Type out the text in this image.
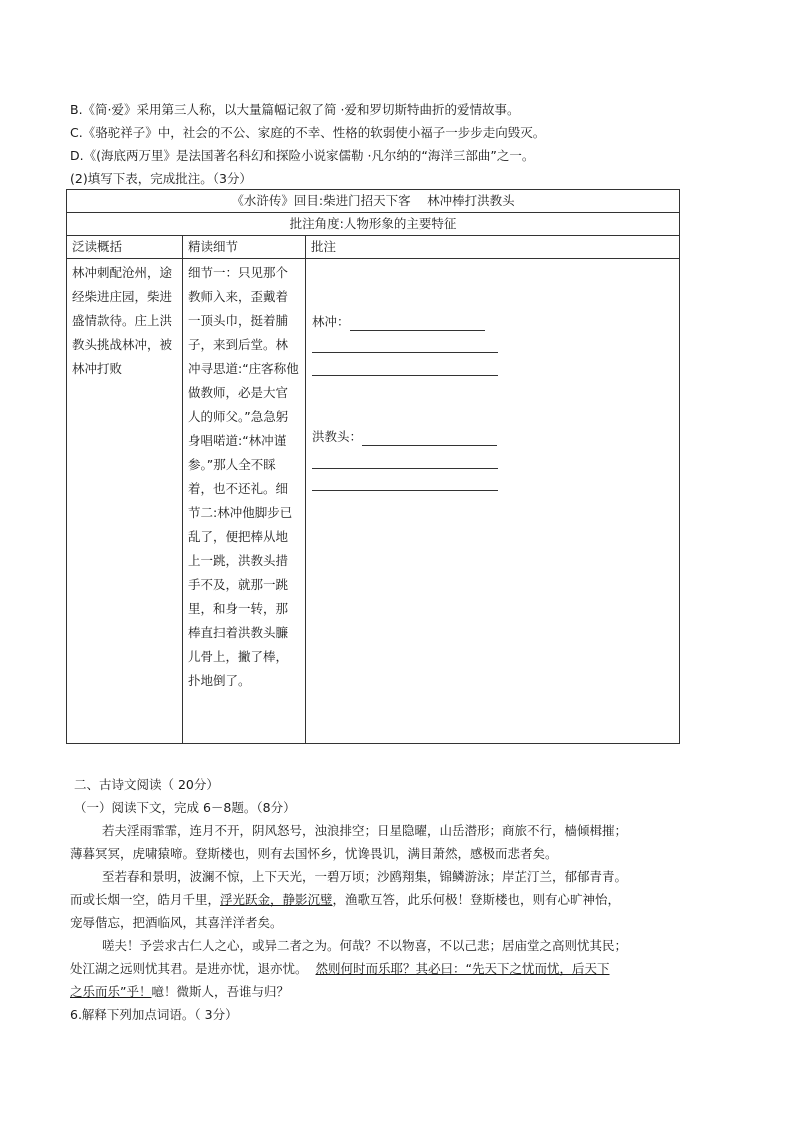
B.《简·爱》采用第三人称，以大量篇幅记叙了简 ·爱和罗切斯特曲折的爱情故事。
C.《骆驼祥子》中，社会的不公、家庭的不幸、性格的软弱使小福子一步步走向毁灭。
D.《(海底两万里》是法国著名科幻和探险小说家儒勒 ·凡尔纳的“海洋三部曲”之一。
(2)填写下表，完成批注。（3分）
《水浒传》回目:柴进门招天下客　 林冲棒打洪教头		
批注角度:人物形象的主要特征		
泛读概括	精读细节	批注

林冲刺配沧州，途经柴进庄园，柴进盛情款待。庄上洪教头挑战林冲，被林冲打败	细节一：只见那个教师入来，歪戴着一顶头巾，挺着脯子，来到后堂。林冲寻思道:“庄客称他做教师，必是大官人的师父。”急急躬身唱喏道:“林冲谨参。”那人全不睬着，也不还礼。细节二:林冲他脚步已乱了，便把棒从地上一跳，洪教头措手不及，就那一跳里，和身一转，那棒直扫着洪教头臁儿骨上，撇了棒，扑地倒了。	林冲：
洪教头：
二、古诗文阅读（ 20分）
（一）阅读下文，完成 6－8题。（8分）
若夫淫雨霏霏，连月不开，阴风怒号，浊浪排空；日星隐曜，山岳潜形；商旅不行，樯倾楫摧；
薄暮冥冥，虎啸猿啼。登斯楼也，则有去国怀乡，忧谗畏讥，满目萧然，感极而悲者矣。
至若春和景明，波澜不惊，上下天光，一碧万顷；沙鸥翔集，锦鳞游泳；岸芷汀兰，郁郁青青。
而或长烟一空，皓月千里，浮光跃金，静影沉璧，渔歌互答，此乐何极！登斯楼也，则有心旷神怡，
宠辱偕忘，把酒临风，其喜洋洋者矣。
嗟夫！予尝求古仁人之心，或异二者之为。何哉？不以物喜，不以己悲；居庙堂之高则忧其民；
处江湖之远则忧其君。是进亦忧，退亦忧。 然则何时而乐耶？其必曰：“先天下之忧而忧，后天下
之乐而乐”乎！噫！微斯人，吾谁与归？
6.解释下列加点词语。（ 3分）
